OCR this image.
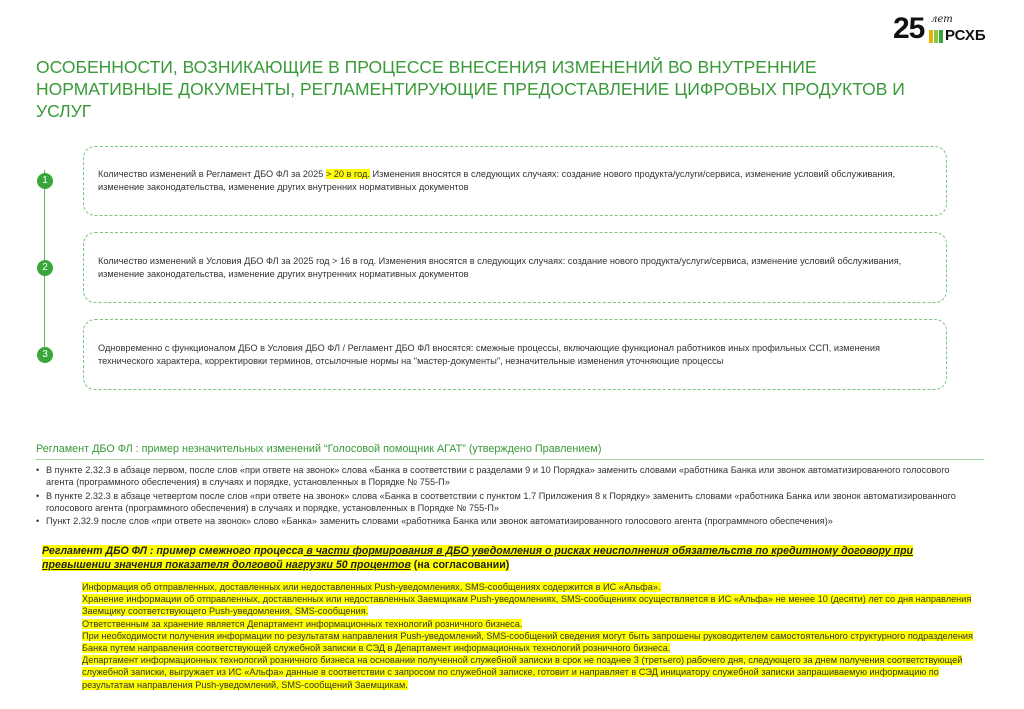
25 лет
РСХБ
ОСОБЕННОСТИ, ВОЗНИКАЮЩИЕ В ПРОЦЕССЕ ВНЕСЕНИЯ ИЗМЕНЕНИЙ ВО ВНУТРЕННИЕ НОРМАТИВНЫЕ ДОКУМЕНТЫ, РЕГЛАМЕНТИРУЮЩИЕ ПРЕДОСТАВЛЕНИЕ ЦИФРОВЫХ ПРОДУКТОВ И УСЛУГ
1
2
3
Количество изменений в Регламент ДБО ФЛ за 2025 > 20 в год. Изменения вносятся в следующих случаях: создание нового продукта/услуги/сервиса, изменение условий обслуживания, изменение законодательства, изменение других внутренних нормативных документов
Количество изменений в Условия ДБО ФЛ за 2025 год > 16 в год. Изменения вносятся в следующих случаях: создание нового продукта/услуги/сервиса, изменение условий обслуживания, изменение законодательства, изменение других внутренних нормативных документов
Одновременно с функционалом ДБО в Условия ДБО ФЛ / Регламент ДБО ФЛ вносятся: смежные процессы, включающие функционал работников иных профильных ССП, изменения технического характера, корректировки терминов, отсылочные нормы на "мастер-документы", незначительные изменения уточняющие процессы
Регламент ДБО ФЛ : пример незначительных изменений “Голосовой помощник АГАТ” (утверждено Правлением)
• В пункте 2.32.3 в абзаце первом, после слов «при ответе на звонок» слова «Банка в соответствии с разделами 9 и 10 Порядка» заменить словами «работника Банка или звонок автоматизированного голосового агента (программного обеспечения) в случаях и порядке, установленных в Порядке № 755-П»
• В пункте 2.32.3 в абзаце четвертом после слов «при ответе на звонок» слова «Банка в соответствии с пунктом 1.7 Приложения 8 к Порядку» заменить словами «работника Банка или звонок автоматизированного голосового агента (программного обеспечения) в случаях и порядке, установленных в Порядке № 755-П»
• Пункт 2.32.9 после слов «при ответе на звонок» слово «Банка» заменить словами «работника Банка или звонок автоматизированного голосового агента (программного обеспечения)»
Регламент ДБО ФЛ : пример смежного процесса в части формирования в ДБО уведомления о рисках неисполнения обязательств по кредитному договору при превышении значения показателя долговой нагрузки 50 процентов (на согласовании)

Информация об отправленных, доставленных или недоставленных Push-уведомлениях, SMS-сообщениях содержится в ИС «Альфа».

Хранение информации об отправленных, доставленных или недоставленных Заемщикам Push-уведомлениях, SMS-сообщениях осуществляется в ИС «Альфа» не менее 10 (десяти) лет со дня направления Заемщику соответствующего Push-уведомления, SMS-сообщения.

Ответственным за хранение является Департамент информационных технологий розничного бизнеса.

При необходимости получения информации по результатам направления Push-уведомлений, SMS-сообщений сведения могут быть запрошены руководителем самостоятельного структурного подразделения Банка путем направления соответствующей служебной записки в СЭД в Департамент информационных технологий розничного бизнеса.

Департамент информационных технологий розничного бизнеса на основании полученной служебной записки в срок не позднее 3 (третьего) рабочего дня, следующего за днем получения соответствующей служебной записки, выгружает из ИС «Альфа» данные в соответствии с запросом по служебной записке, готовит и направляет в СЭД инициатору служебной записки запрашиваемую информацию по результатам направления Push-уведомлений, SMS-сообщений Заемщикам.
